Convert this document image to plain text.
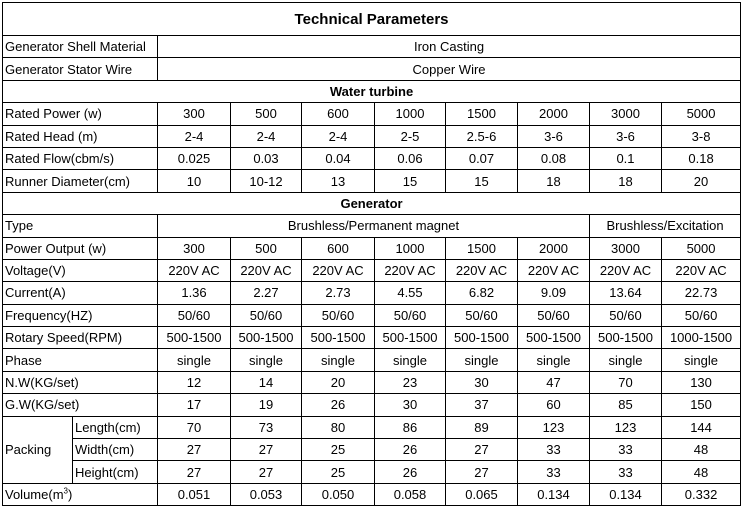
Technical Parameters									
Generator Shell Material		Iron Casting							
Generator Stator Wire		Copper Wire							
Water turbine									
Rated Power (w)		300	500	600	1000	1500	2000	3000	5000
Rated Head (m)		2-4	2-4	2-4	2-5	2.5-6	3-6	3-6	3-8
Rated Flow(cbm/s)		0.025	0.03	0.04	0.06	0.07	0.08	0.1	0.18
Runner Diameter(cm)		10	10-12	13	15	15	18	18	20
Generator									
Type		Brushless/Permanent magnet						Brushless/Excitation	
Power Output (w)		300	500	600	1000	1500	2000	3000	5000
Voltage(V)		220V AC	220V AC	220V AC	220V AC	220V AC	220V AC	220V AC	220V AC
Current(A)		1.36	2.27	2.73	4.55	6.82	9.09	13.64	22.73
Frequency(HZ)		50/60	50/60	50/60	50/60	50/60	50/60	50/60	50/60
Rotary Speed(RPM)		500-1500	500-1500	500-1500	500-1500	500-1500	500-1500	500-1500	1000-1500
Phase		single	single	single	single	single	single	single	single
N.W(KG/set)		12	14	20	23	30	47	70	130
G.W(KG/set)		17	19	26	30	37	60	85	150
Packing	Length(cm)	70	73	80	86	89	123	123	144
	Width(cm)	27	27	25	26	27	33	33	48
	Height(cm)	27	27	25	26	27	33	33	48
$Volume(m^3)$		0.051	0.053	0.050	0.058	0.065	0.134	0.134	0.332
